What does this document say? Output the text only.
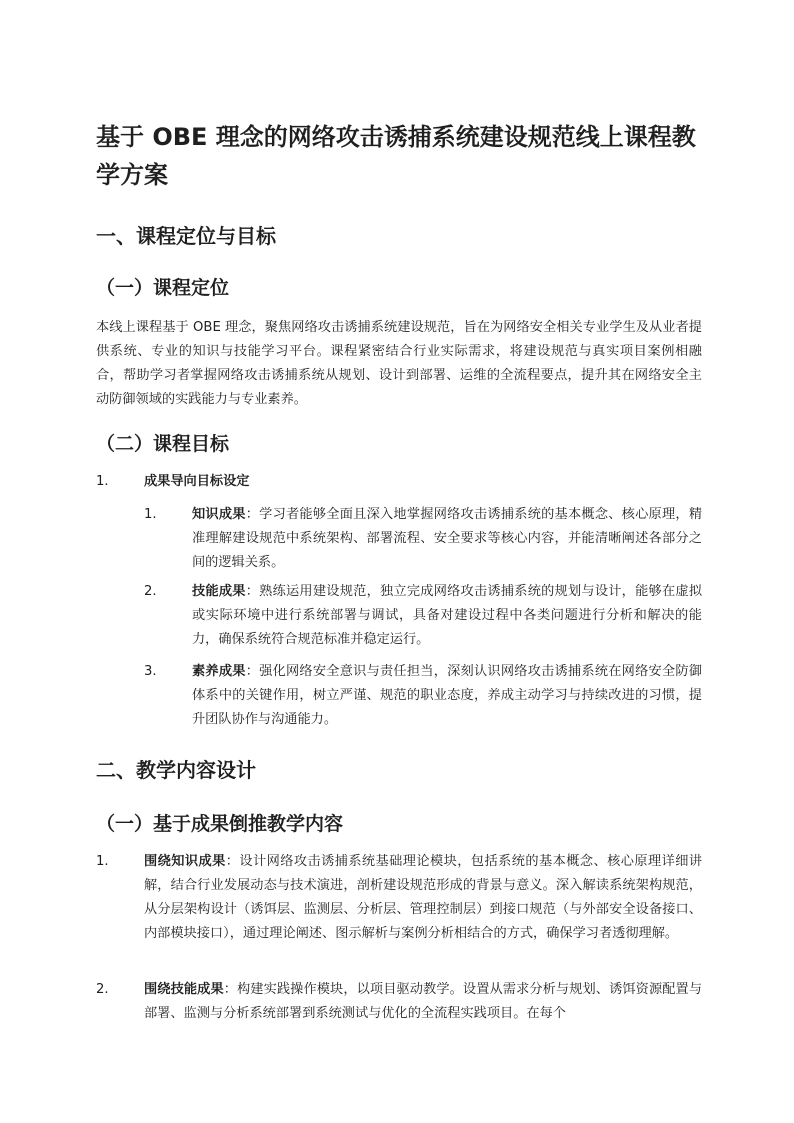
基于 OBE 理念的网络攻击诱捕系统建设规范线上课程教学方案
一、课程定位与目标
（一）课程定位

本线上课程基于 OBE 理念，聚焦网络攻击诱捕系统建设规范，旨在为网络安全相关专业学生及从业者提供系统、专业的知识与技能学习平台。课程紧密结合行业实际需求，将建设规范与真实项目案例相融合，帮助学习者掌握网络攻击诱捕系统从规划、设计到部署、运维的全流程要点，提升其在网络安全主动防御领域的实践能力与专业素养。

（二）课程目标
1.	成果导向目标设定
1.	知识成果：学习者能够全面且深入地掌握网络攻击诱捕系统的基本概念、核心原理，精准理解建设规范中系统架构、部署流程、安全要求等核心内容，并能清晰阐述各部分之间的逻辑关系。
2.	技能成果：熟练运用建设规范，独立完成网络攻击诱捕系统的规划与设计，能够在虚拟或实际环境中进行系统部署与调试，具备对建设过程中各类问题进行分析和解决的能力，确保系统符合规范标准并稳定运行。
3.	素养成果：强化网络安全意识与责任担当，深刻认识网络攻击诱捕系统在网络安全防御体系中的关键作用，树立严谨、规范的职业态度，养成主动学习与持续改进的习惯，提升团队协作与沟通能力。
二、教学内容设计
（一）基于成果倒推教学内容
1.	围绕知识成果：设计网络攻击诱捕系统基础理论模块，包括系统的基本概念、核心原理详细讲解，结合行业发展动态与技术演进，剖析建设规范形成的背景与意义。深入解读系统架构规范，从分层架构设计（诱饵层、监测层、分析层、管理控制层）到接口规范（与外部安全设备接口、内部模块接口），通过理论阐述、图示解析与案例分析相结合的方式，确保学习者透彻理解。
2.	围绕技能成果：构建实践操作模块，以项目驱动教学。设置从需求分析与规划、诱饵资源配置与部署、监测与分析系统部署到系统测试与优化的全流程实践项目。在每个
